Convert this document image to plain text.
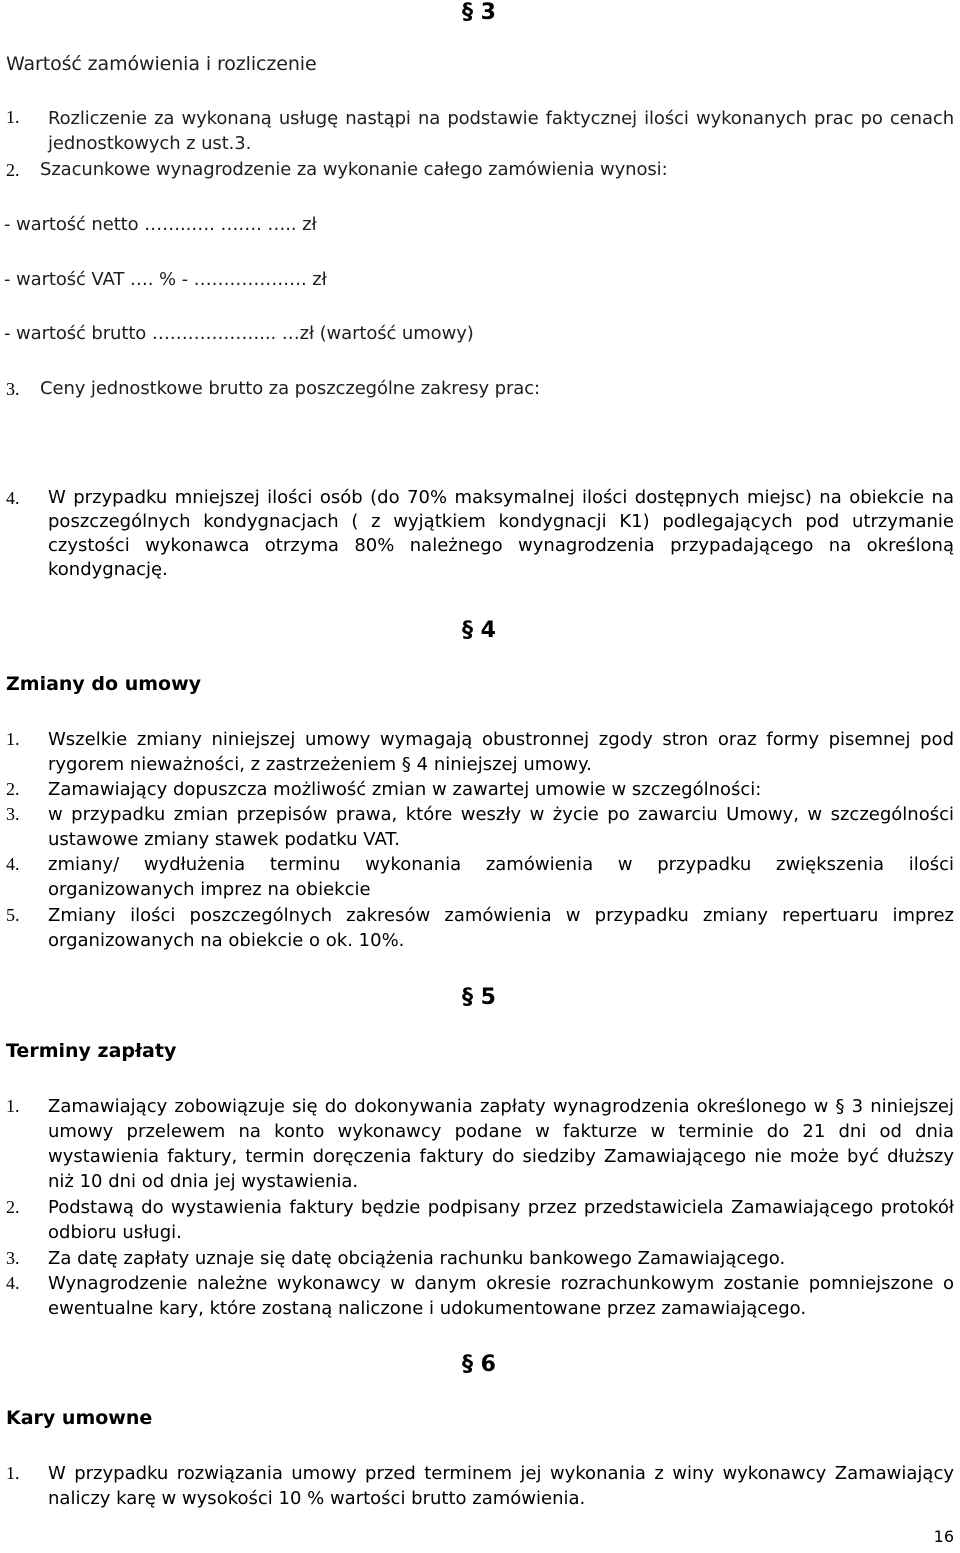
§ 3
Wartość zamówienia i rozliczenie
1. Rozliczenie za wykonaną usługę nastąpi na podstawie faktycznej ilości wykonanych prac po cenach jednostkowych z ust.3.

2. Szacunkowe wynagrodzenie za wykonanie całego zamówienia wynosi:
- wartość netto ……..…. ……. ….. zł
- wartość VAT …. % - ………………. zł
- wartość brutto ………………... …zł (wartość umowy)
3. Ceny jednostkowe brutto za poszczególne zakresy prac:
4. W przypadku mniejszej ilości osób (do 70% maksymalnej ilości dostępnych miejsc) na obiekcie na poszczególnych kondygnacjach ( z wyjątkiem kondygnacji K1) podlegających pod utrzymanie czystości wykonawca otrzyma 80% należnego wynagrodzenia przypadającego na określoną kondygnację.

§ 4
Zmiany do umowy
1. Wszelkie zmiany niniejszej umowy wymagają obustronnej zgody stron oraz formy pisemnej pod rygorem nieważności, z zastrzeżeniem § 4 niniejszej umowy.

2. Zamawiający dopuszcza możliwość zmian w zawartej umowie w szczególności:

3. w przypadku zmian przepisów prawa, które weszły w życie po zawarciu Umowy, w szczególności ustawowe zmiany stawek podatku VAT.

4. zmiany/ wydłużenia terminu wykonania zamówienia w przypadku zwiększenia ilości organizowanych imprez na obiekcie

5. Zmiany ilości poszczególnych zakresów zamówienia w przypadku zmiany repertuaru imprez organizowanych na obiekcie o ok. 10%.

§ 5
Terminy zapłaty
1. Zamawiający zobowiązuje się do dokonywania zapłaty wynagrodzenia określonego w § 3 niniejszej umowy przelewem na konto wykonawcy podane w fakturze w terminie do 21 dni od dnia wystawienia faktury, termin doręczenia faktury do siedziby Zamawiającego nie może być dłuższy niż 10 dni od dnia jej wystawienia.

2. Podstawą do wystawienia faktury będzie podpisany przez przedstawiciela Zamawiającego protokół odbioru usługi.

3. Za datę zapłaty uznaje się datę obciążenia rachunku bankowego Zamawiającego.

4. Wynagrodzenie należne wykonawcy w danym okresie rozrachunkowym zostanie pomniejszone o ewentualne kary, które zostaną naliczone i udokumentowane przez zamawiającego.

§ 6
Kary umowne
1. W przypadku rozwiązania umowy przed terminem jej wykonania z winy wykonawcy Zamawiający naliczy karę w wysokości 10 % wartości brutto zamówienia.

16
